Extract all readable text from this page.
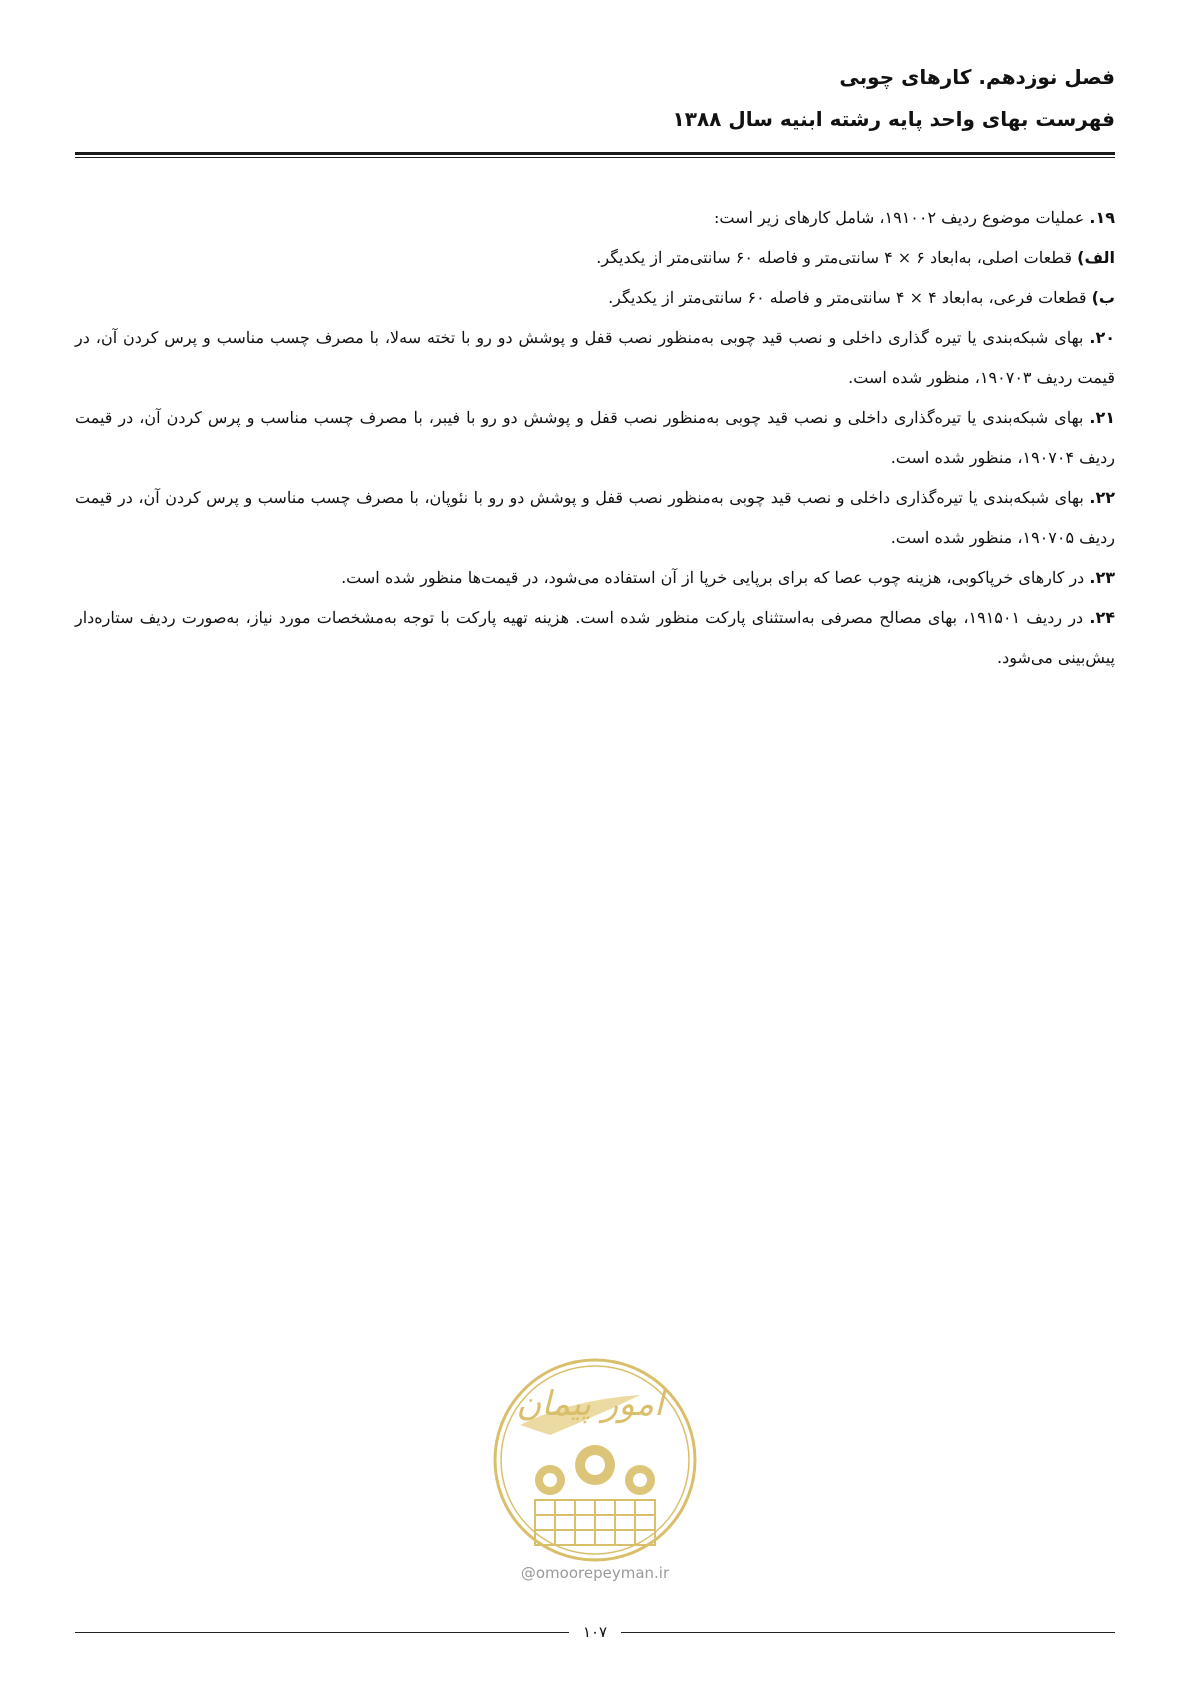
فصل نوزدهم. کارهای چوبی
فهرست بهای واحد پایه رشته ابنیه سال ۱۳۸۸

۱۹. عملیات موضوع ردیف ۱۹۱۰۰۲، شامل کارهای زیر است:

الف) قطعات اصلی، به‌ابعاد ۶ × ۴ سانتی‌متر و فاصله ۶۰ سانتی‌متر از یکدیگر.

ب) قطعات فرعی، به‌ابعاد ۴ × ۴ سانتی‌متر و فاصله ۶۰ سانتی‌متر از یکدیگر.

۲۰. بهای شبکه‌بندی یا تیره گذاری داخلی و نصب قید چوبی به‌منظور نصب قفل و پوشش دو رو با تخته سه‌لا، با مصرف چسب مناسب و پرس کردن آن، در قیمت ردیف ۱۹۰۷۰۳، منظور شده است.

۲۱. بهای شبکه‌بندی یا تیره‌گذاری داخلی و نصب قید چوبی به‌منظور نصب قفل و پوشش دو رو با فیبر، با مصرف چسب مناسب و پرس کردن آن، در قیمت ردیف ۱۹۰۷۰۴، منظور شده است.

۲۲. بهای شبکه‌بندی یا تیره‌گذاری داخلی و نصب قید چوبی به‌منظور نصب قفل و پوشش دو رو با نئوپان، با مصرف چسب مناسب و پرس کردن آن، در قیمت ردیف ۱۹۰۷۰۵، منظور شده است.

۲۳. در کارهای خرپاکوبی، هزینه چوب عصا که برای برپایی خرپا از آن استفاده می‌شود، در قیمت‌ها منظور شده است.

۲۴. در ردیف ۱۹۱۵۰۱، بهای مصالح مصرفی به‌استثنای پارکت منظور شده است. هزینه تهیه پارکت با توجه به‌مشخصات مورد نیاز، به‌صورت ردیف ستاره‌دار پیش‌بینی می‌شود.

امور پیمان
@omoorepeyman.ir
۱۰۷
